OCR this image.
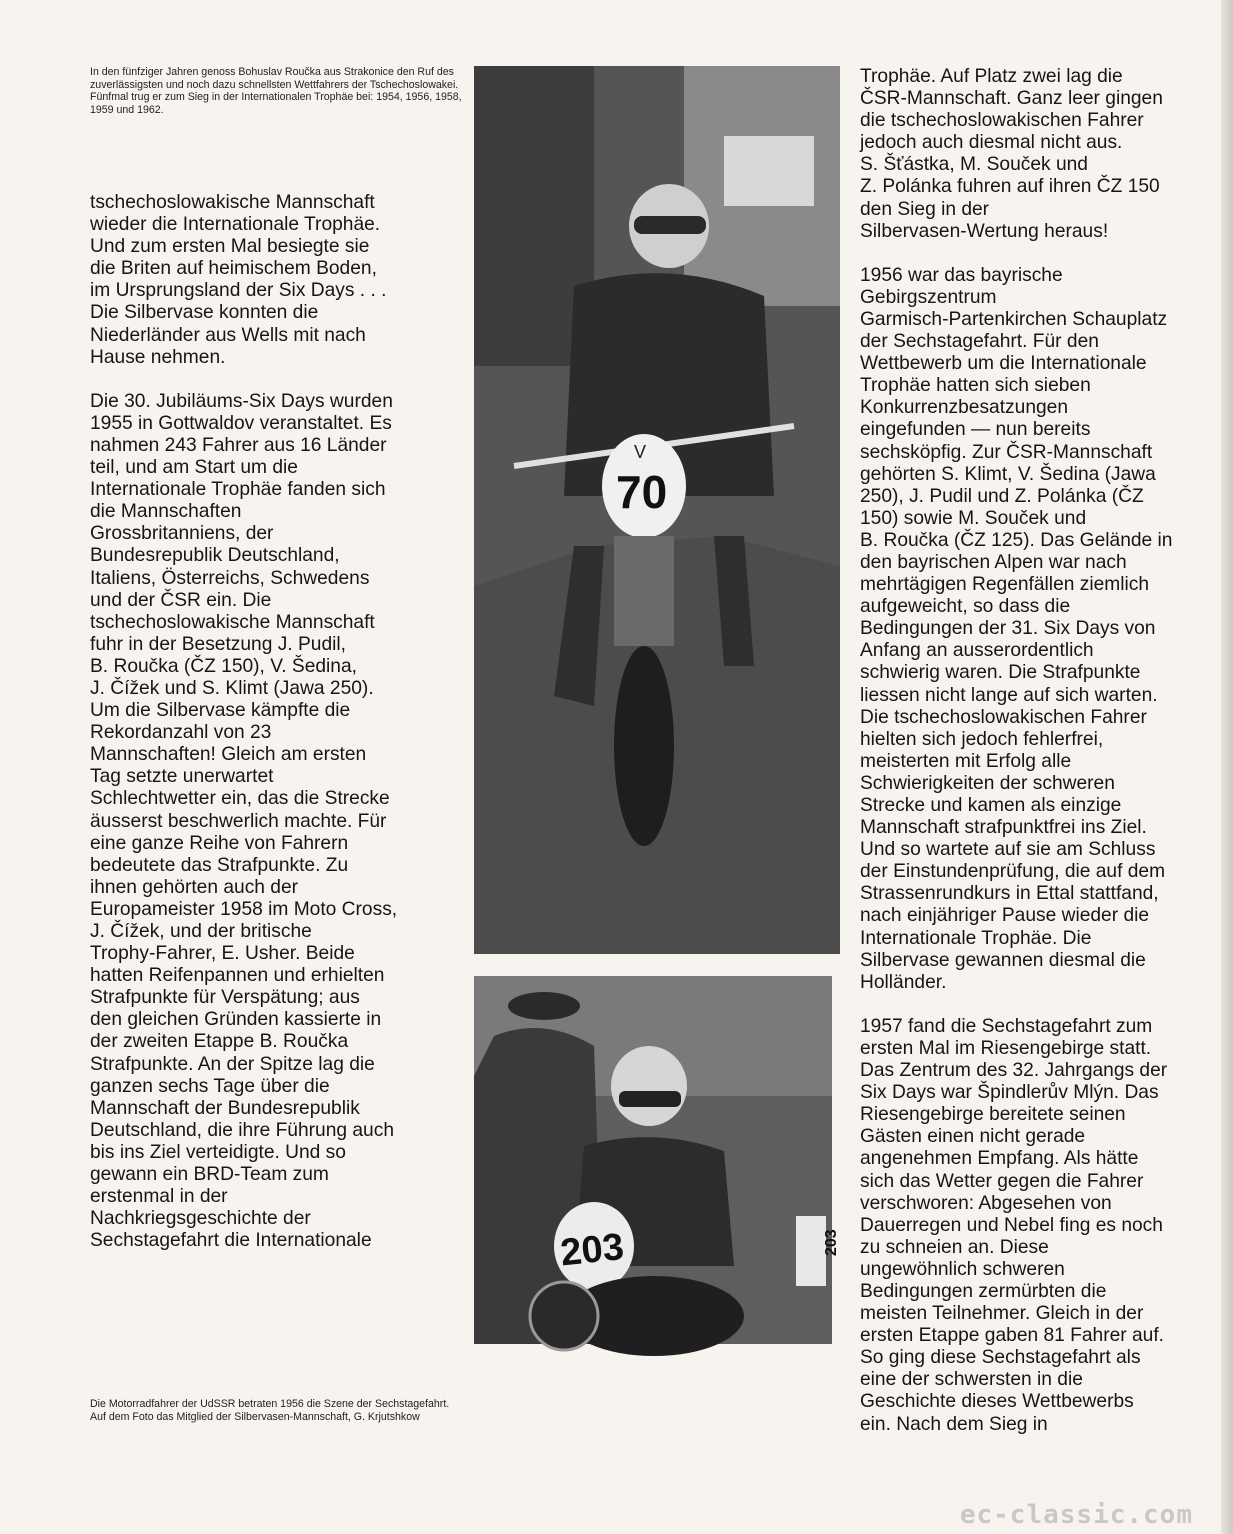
In den fünfziger Jahren genoss Bohuslav Roučka aus Strakonice den Ruf des zuverlässigsten und noch dazu schnellsten Wettfahrers der Tschechoslowakei. Fünfmal trug er zum Sieg in der Internationalen Trophäe bei: 1954, 1956, 1958, 1959 und 1962.

tschechoslowakische Mannschaft
wieder die Internationale Trophäe.
Und zum ersten Mal besiegte sie
die Briten auf heimischem Boden,
im Ursprungsland der Six Days . . .
Die Silbervase konnten die
Niederländer aus Wells mit nach
Hause nehmen.

Die 30. Jubiläums-Six Days wurden
1955 in Gottwaldov veranstaltet. Es
nahmen 243 Fahrer aus 16 Länder
teil, und am Start um die
Internationale Trophäe fanden sich
die Mannschaften
Grossbritanniens, der
Bundesrepublik Deutschland,
Italiens, Österreichs, Schwedens
und der ČSR ein. Die
tschechoslowakische Mannschaft
fuhr in der Besetzung J. Pudil,
B. Roučka (ČZ 150), V. Šedina,
J. Čížek und S. Klimt (Jawa 250).
Um die Silbervase kämpfte die
Rekordanzahl von 23
Mannschaften! Gleich am ersten
Tag setzte unerwartet
Schlechtwetter ein, das die Strecke
äusserst beschwerlich machte. Für
eine ganze Reihe von Fahrern
bedeutete das Strafpunkte. Zu
ihnen gehörten auch der
Europameister 1958 im Moto Cross,
J. Čížek, und der britische
Trophy-Fahrer, E. Usher. Beide
hatten Reifenpannen und erhielten
Strafpunkte für Verspätung; aus
den gleichen Gründen kassierte in
der zweiten Etappe B. Roučka
Strafpunkte. An der Spitze lag die
ganzen sechs Tage über die
Mannschaft der Bundesrepublik
Deutschland, die ihre Führung auch
bis ins Ziel verteidigte. Und so
gewann ein BRD-Team zum
erstenmal in der
Nachkriegsgeschichte der
Sechstagefahrt die Internationale

V
70
203	203

Die Motorradfahrer der UdSSR betraten 1956 die Szene der Sechstagefahrt. Auf dem Foto das Mitglied der Silbervasen-Mannschaft, G. Krjutshkow

Trophäe. Auf Platz zwei lag die
ČSR-Mannschaft. Ganz leer gingen
die tschechoslowakischen Fahrer
jedoch auch diesmal nicht aus.
S. Šťástka, M. Souček und
Z. Polánka fuhren auf ihren ČZ 150
den Sieg in der
Silbervasen-Wertung heraus!

1956 war das bayrische
Gebirgszentrum
Garmisch-Partenkirchen Schauplatz
der Sechstagefahrt. Für den
Wettbewerb um die Internationale
Trophäe hatten sich sieben
Konkurrenzbesatzungen
eingefunden — nun bereits
sechsköpfig. Zur ČSR-Mannschaft
gehörten S. Klimt, V. Šedina (Jawa
250), J. Pudil und Z. Polánka (ČZ
150) sowie M. Souček und
B. Roučka (ČZ 125). Das Gelände in
den bayrischen Alpen war nach
mehrtägigen Regenfällen ziemlich
aufgeweicht, so dass die
Bedingungen der 31. Six Days von
Anfang an ausserordentlich
schwierig waren. Die Strafpunkte
liessen nicht lange auf sich warten.
Die tschechoslowakischen Fahrer
hielten sich jedoch fehlerfrei,
meisterten mit Erfolg alle
Schwierigkeiten der schweren
Strecke und kamen als einzige
Mannschaft strafpunktfrei ins Ziel.
Und so wartete auf sie am Schluss
der Einstundenprüfung, die auf dem
Strassenrundkurs in Ettal stattfand,
nach einjähriger Pause wieder die
Internationale Trophäe. Die
Silbervase gewannen diesmal die
Holländer.

1957 fand die Sechstagefahrt zum
ersten Mal im Riesengebirge statt.
Das Zentrum des 32. Jahrgangs der
Six Days war Špindlerův Mlýn. Das
Riesengebirge bereitete seinen
Gästen einen nicht gerade
angenehmen Empfang. Als hätte
sich das Wetter gegen die Fahrer
verschworen: Abgesehen von
Dauerregen und Nebel fing es noch
zu schneien an. Diese
ungewöhnlich schweren
Bedingungen zermürbten die
meisten Teilnehmer. Gleich in der
ersten Etappe gaben 81 Fahrer auf.
So ging diese Sechstagefahrt als
eine der schwersten in die
Geschichte dieses Wettbewerbs
ein. Nach dem Sieg in

ec-classic.com
